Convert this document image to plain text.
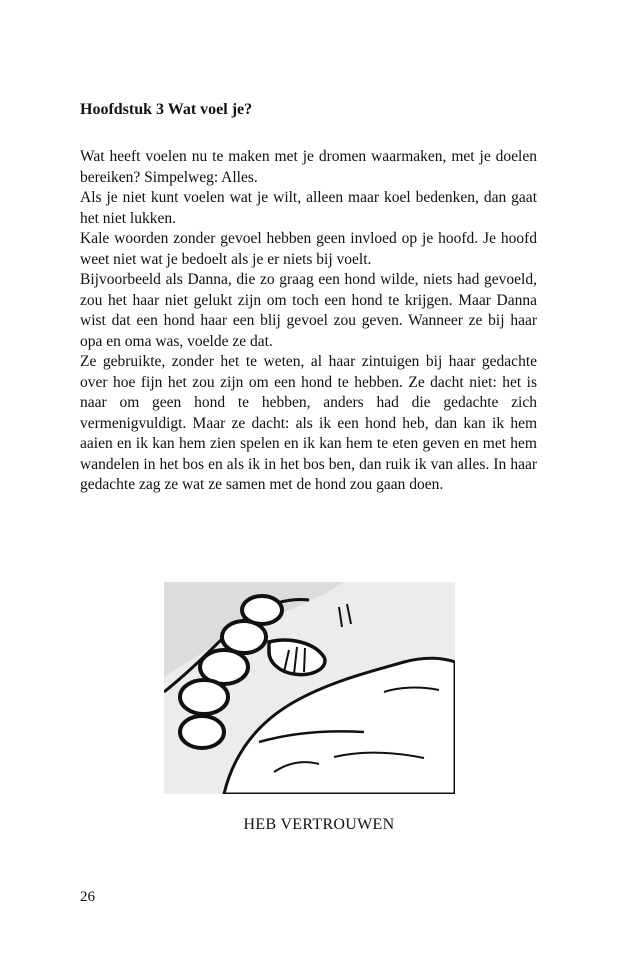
Hoofdstuk 3 Wat voel je?

Wat heeft voelen nu te maken met je dromen waarmaken, met je doelen bereiken? Simpelweg: Alles.

Als je niet kunt voelen wat je wilt, alleen maar koel bedenken, dan gaat het niet lukken.

Kale woorden zonder gevoel hebben geen invloed op je hoofd. Je hoofd weet niet wat je bedoelt als je er niets bij voelt.

Bijvoorbeeld als Danna, die zo graag een hond wilde, niets had gevoeld, zou het haar niet gelukt zijn om toch een hond te krijgen. Maar Danna wist dat een hond haar een blij gevoel zou geven. Wanneer ze bij haar opa en oma was, voelde ze dat.

Ze gebruikte, zonder het te weten, al haar zintuigen bij haar gedachte over hoe fijn het zou zijn om een hond te hebben. Ze dacht niet: het is naar om geen hond te hebben, anders had die gedachte zich vermenigvuldigt. Maar ze dacht: als ik een hond heb, dan kan ik hem aaien en ik kan hem zien spelen en ik kan hem te eten geven en met hem wandelen in het bos en als ik in het bos ben, dan ruik ik van alles. In haar gedachte zag ze wat ze samen met de hond zou gaan doen.

HEB VERTROUWEN
26
